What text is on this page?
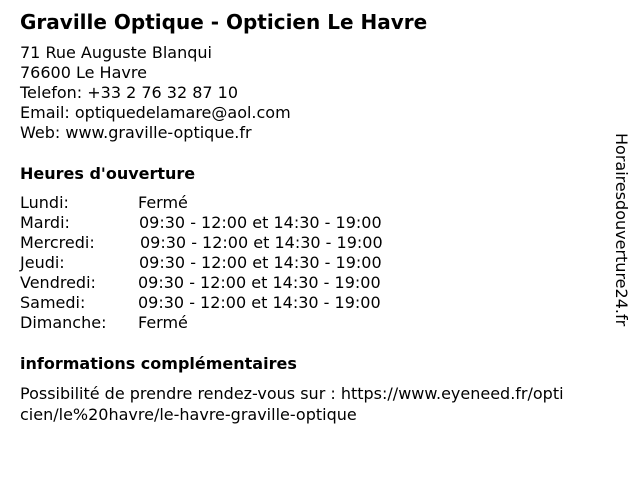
Graville Optique - Opticien Le Havre
71 Rue Auguste Blanqui
76600 Le Havre
Telefon: +33 2 76 32 87 10
Email: optiquedelamare@aol.com
Web: www.graville-optique.fr
Heures d'ouverture
Lundi:	Fermé
Mardi:	09:30 - 12:00 et 14:30 - 19:00
Mercredi:	09:30 - 12:00 et 14:30 - 19:00
Jeudi:	09:30 - 12:00 et 14:30 - 19:00
Vendredi:	09:30 - 12:00 et 14:30 - 19:00
Samedi:	09:30 - 12:00 et 14:30 - 19:00
Dimanche: Fermé
informations complémentaires
Possibilité de prendre rendez-vous sur : https://www.eyeneed.fr/opti
cien/le%20havre/le-havre-graville-optique
Horairesdouverture24.fr
